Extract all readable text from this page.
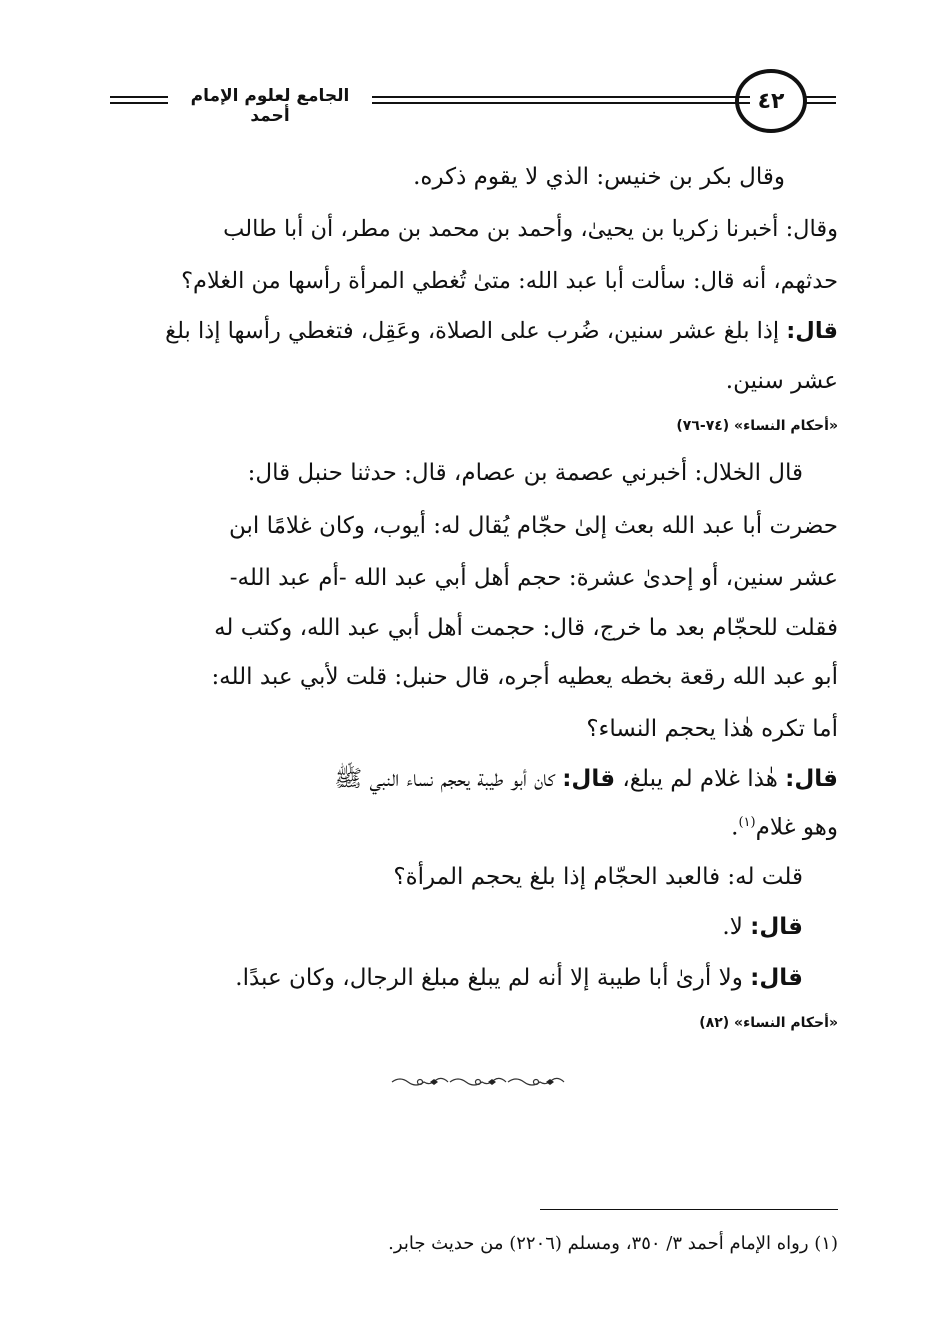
الجامع لعلوم الإمام أحمد
٤٢
وقال بكر بن خنيس: الذي لا يقوم ذكره.
وقال: أخبرنا زكريا بن يحيىٰ، وأحمد بن محمد بن مطر، أن أبا طالب
حدثهم، أنه قال: سألت أبا عبد الله: متىٰ تُغطي المرأة رأسها من الغلام؟
قال: إذا بلغ عشر سنين، ضُرب على الصلاة، وعَقِل، فتغطي رأسها إذا بلغ
عشر سنين.
«أحكام النساء» (٧٤-٧٦)
قال الخلال: أخبرني عصمة بن عصام، قال: حدثنا حنبل قال:
حضرت أبا عبد الله بعث إلىٰ حجّام يُقال له: أيوب، وكان غلامًا ابن
عشر سنين، أو إحدىٰ عشرة: حجم أهل أبي عبد الله -أم عبد الله-
فقلت للحجّام بعد ما خرج، قال: حجمت أهل أبي عبد الله، وكتب له
أبو عبد الله رقعة بخطه يعطيه أجره، قال حنبل: قلت لأبي عبد الله:
أما تكره هٰذا يحجم النساء؟
قال: هٰذا غلام لم يبلغ، قال: كان أبو طيبة يحجم نساء النبي ﷺ
وهو غلام$^{(١)}$.
قلت له: فالعبد الحجّام إذا بلغ يحجم المرأة؟
قال: لا.
قال: ولا أرىٰ أبا طيبة إلا أنه لم يبلغ مبلغ الرجال، وكان عبدًا.
«أحكام النساء» (٨٢)
(١) رواه الإمام أحمد ٣/ ٣٥٠، ومسلم (٢٢٠٦) من حديث جابر.
